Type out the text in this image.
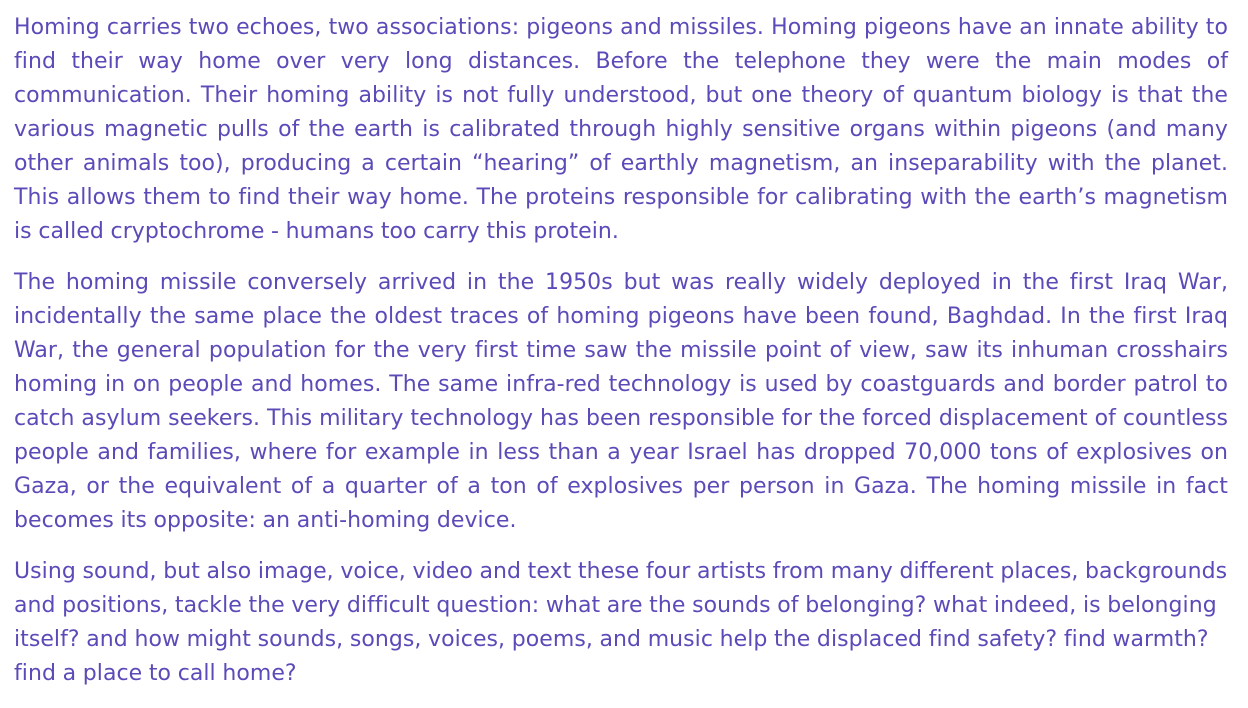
Homing carries two echoes, two associations: pigeons and missiles. Homing pigeons have an innate ability to find their way home over very long distances. Before the telephone they were the main modes of communication. Their homing ability is not fully understood, but one theory of quantum biology is that the various magnetic pulls of the earth is calibrated through highly sensitive organs within pigeons (and many other animals too), producing a certain “hearing” of earthly magnetism, an inseparability with the planet. This allows them to find their way home. The proteins responsible for calibrating with the earth’s magnetism is called cryptochrome - humans too carry this protein.

The homing missile conversely arrived in the 1950s but was really widely deployed in the first Iraq War, incidentally the same place the oldest traces of homing pigeons have been found, Baghdad. In the first Iraq War, the general population for the very first time saw the missile point of view, saw its inhuman crosshairs homing in on people and homes. The same infra-red technology is used by coastguards and border patrol to catch asylum seekers. This military technology has been responsible for the forced displacement of countless people and families, where for example in less than a year Israel has dropped 70,000 tons of explosives on Gaza, or the equivalent of a quarter of a ton of explosives per person in Gaza. The homing missile in fact becomes its opposite: an anti-homing device.

Using sound, but also image, voice, video and text these four artists from many different places, backgrounds and positions, tackle the very difficult question: what are the sounds of belonging? what indeed, is belonging itself? and how might sounds, songs, voices, poems, and music help the displaced find safety? find warmth? find a place to call home?
